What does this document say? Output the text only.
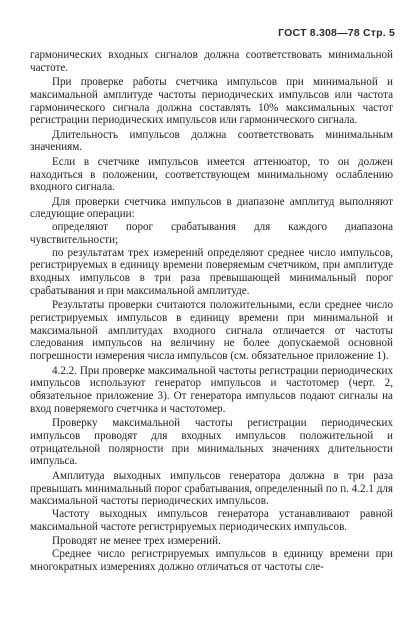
ГОСТ 8.308—78 Стр. 5

гармонических входных сигналов должна соответствовать минимальной частоте.

При проверке работы счетчика импульсов при минимальной и максимальной амплитуде частоты периодических импульсов или частота гармонического сигнала должна составлять 10% максимальных частот регистрации периодических импульсов или гармонического сигнала.

Длительность импульсов должна соответствовать минимальным значениям.

Если в счетчике импульсов имеется аттенюатор, то он должен находиться в положении, соответствующем минимальному ослаблению входного сигнала.

Для проверки счетчика импульсов в диапазоне амплитуд выполняют следующие операции:

определяют порог срабатывания для каждого диапазона чувствительности;

по результатам трех измерений определяют среднее число импульсов, регистрируемых в единицу времени поверяемым счетчиком, при амплитуде входных импульсов в три раза превышающей минимальный порог срабатывания и при максимальной амплитуде.

Результаты проверки считаются положительными, если среднее число регистрируемых импульсов в единицу времени при минимальной и максимальной амплитудах входного сигнала отличается от частоты следования импульсов на величину не более допускаемой основной погрешности измерения числа импульсов (см. обязательное приложение 1).

4.2.2. При проверке максимальной частоты регистрации периодических импульсов используют генератор импульсов и частотомер (черт. 2, обязательное приложение 3). От генератора импульсов подают сигналы на вход поверяемого счетчика и частотомер.

Проверку максимальной частоты регистрации периодических импульсов проводят для входных импульсов положительной и отрицательной полярности при минимальных значениях длительности импульса.

Амплитуда выходных импульсов генератора должна в три раза превышать минимальный порог срабатывания, определенный по п. 4.2.1 для максимальной частоты периодических импульсов.

Частоту выходных импульсов генератора устанавливают равной максимальной частоте регистрируемых периодических импульсов.

Проводят не менее трех измерений.

Среднее число регистрируемых импульсов в единицу времени при многократных измерениях должно отличаться от частоты сле-
